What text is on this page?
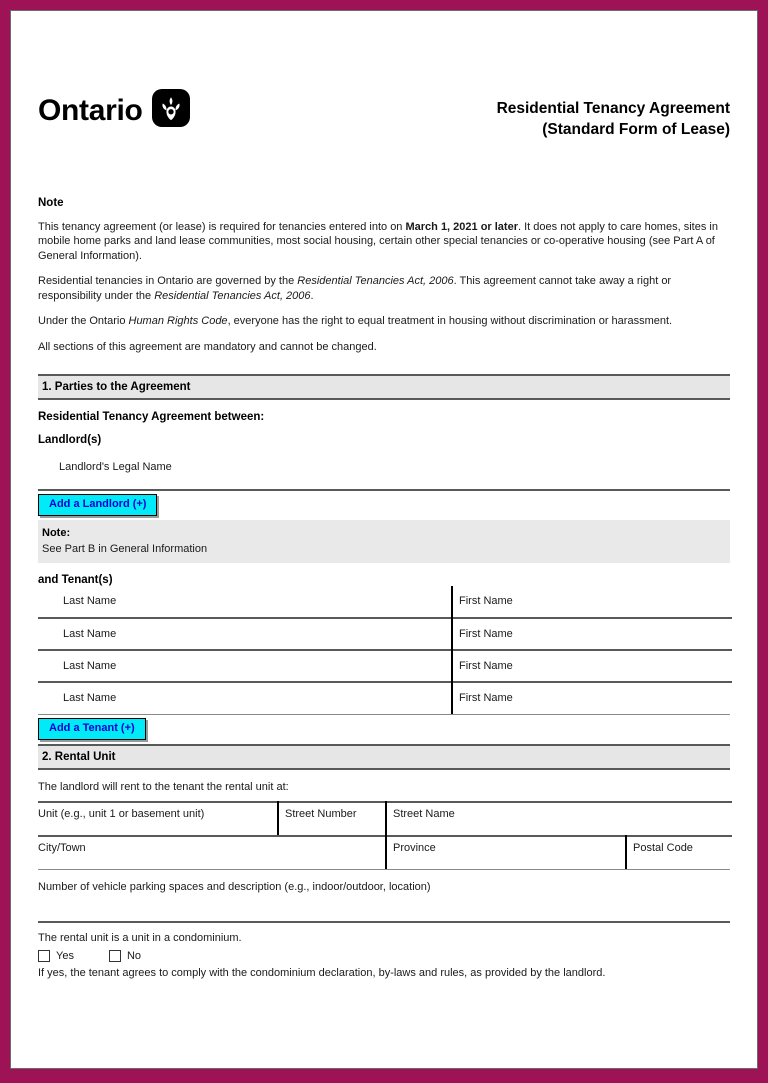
Ontario	Residential Tenancy Agreement
(Standard Form of Lease)
Note
This tenancy agreement (or lease) is required for tenancies entered into on March 1, 2021 or later. It does not apply to care homes, sites in mobile home parks and land lease communities, most social housing, certain other special tenancies or co-operative housing (see Part A of General Information).
Residential tenancies in Ontario are governed by the Residential Tenancies Act, 2006. This agreement cannot take away a right or responsibility under the Residential Tenancies Act, 2006.
Under the Ontario Human Rights Code, everyone has the right to equal treatment in housing without discrimination or harassment.
All sections of this agreement are mandatory and cannot be changed.
1. Parties to the Agreement
Residential Tenancy Agreement between:
Landlord(s)
Landlord's Legal Name
Add a Landlord (+)
Note:
See Part B in General Information
and Tenant(s)
Last Name	First Name
Last Name	First Name
Last Name	First Name
Last Name	First Name
Add a Tenant (+)
2. Rental Unit
The landlord will rent to the tenant the rental unit at:
Unit (e.g., unit 1 or basement unit)	Street Number	Street Name
City/Town	Province	Postal Code
Number of vehicle parking spaces and description (e.g., indoor/outdoor, location)
The rental unit is a unit in a condominium.
Yes	No
If yes, the tenant agrees to comply with the condominium declaration, by-laws and rules, as provided by the landlord.
